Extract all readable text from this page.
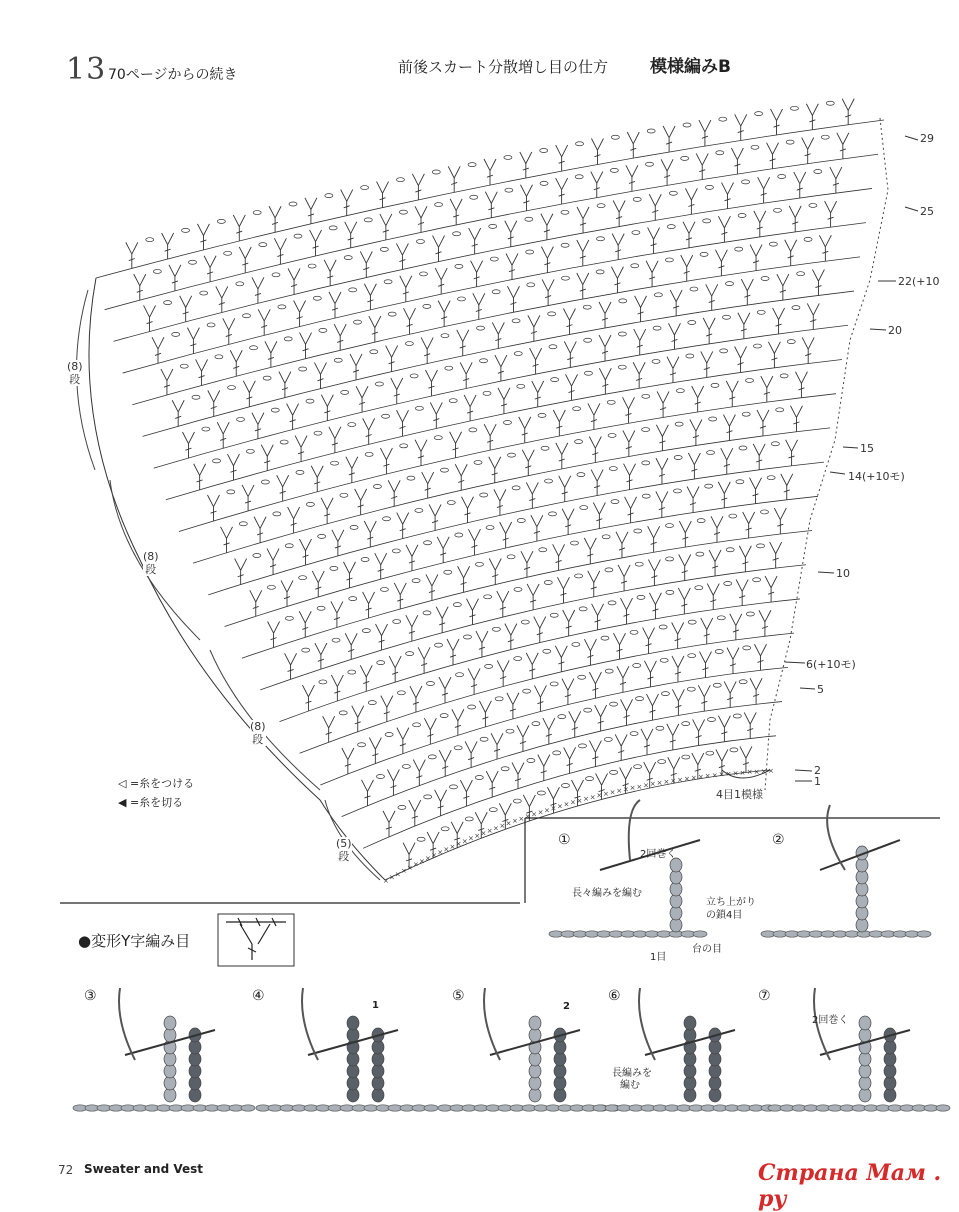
× × × × × × × × × × × × × × × × × × × × × × × × × × × × × × × × × × × × × × × × × × × × × × × × × × × × × × × × × × × ×
13 70ページからの続き	前後スカート分散増し目の仕方 模様編みB
29
25
22(+10
20
15
14(+10モ)
10
6(+10モ)
5
2
1
(8)
段
(8)
段
(8)
段
(5)
段
4目1模様
◁ =糸をつける
◀ =糸を切る
●変形Y字編み目
①	②
③	④	⑤	⑥	⑦
2回巻く
長々編みを編む
立ち上がり
の鎖4目
台の目
1目
長編みを
編む
2回巻く
1	2
72 Sweater and Vest	Страна Мам . ру
